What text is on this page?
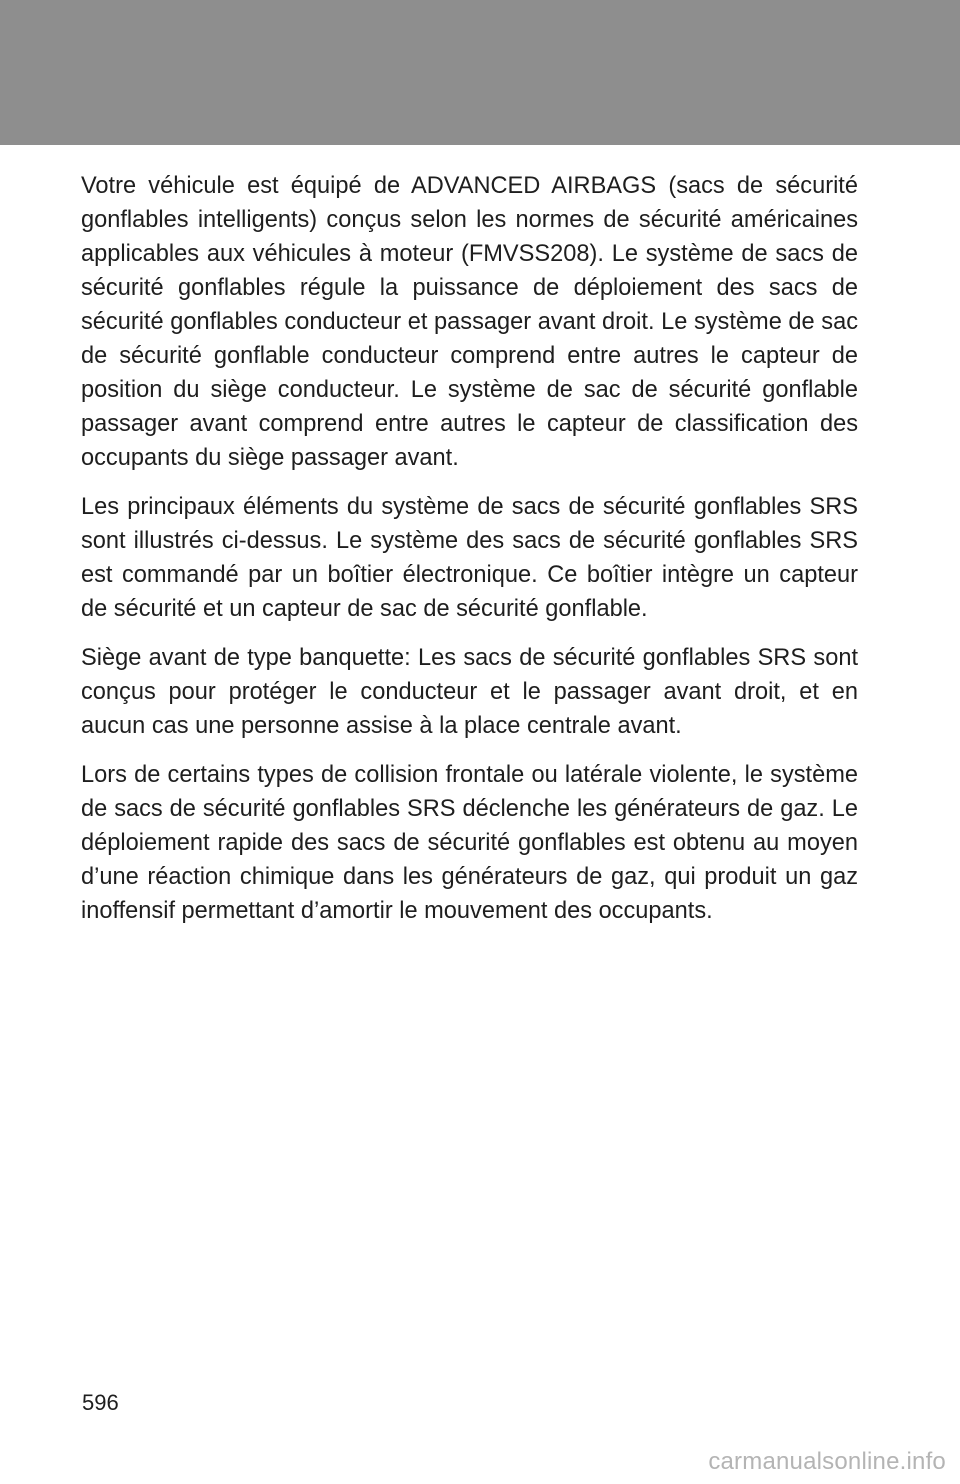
Votre véhicule est équipé de ADVANCED AIRBAGS (sacs de sécurité gonflables intelligents) conçus selon les normes de sécurité américaines applicables aux véhicules à moteur (FMVSS208). Le système de sacs de sécurité gonflables régule la puissance de déploiement des sacs de sécurité gonflables conducteur et passager avant droit. Le système de sac de sécurité gonflable conducteur comprend entre autres le capteur de position du siège conducteur. Le système de sac de sécurité gonflable passager avant comprend entre autres le capteur de classification des occupants du siège passager avant.

Les principaux éléments du système de sacs de sécurité gonflables SRS sont illustrés ci-dessus. Le système des sacs de sécurité gonflables SRS est commandé par un boîtier électronique. Ce boîtier intègre un capteur de sécurité et un capteur de sac de sécurité gonflable.

Siège avant de type banquette: Les sacs de sécurité gonflables SRS sont conçus pour protéger le conducteur et le passager avant droit, et en aucun cas une personne assise à la place centrale avant.

Lors de certains types de collision frontale ou latérale violente, le système de sacs de sécurité gonflables SRS déclenche les générateurs de gaz. Le déploiement rapide des sacs de sécurité gonflables est obtenu au moyen d’une réaction chimique dans les générateurs de gaz, qui produit un gaz inoffensif permettant d’amortir le mouvement des occupants.

596
carmanualsonline.info
